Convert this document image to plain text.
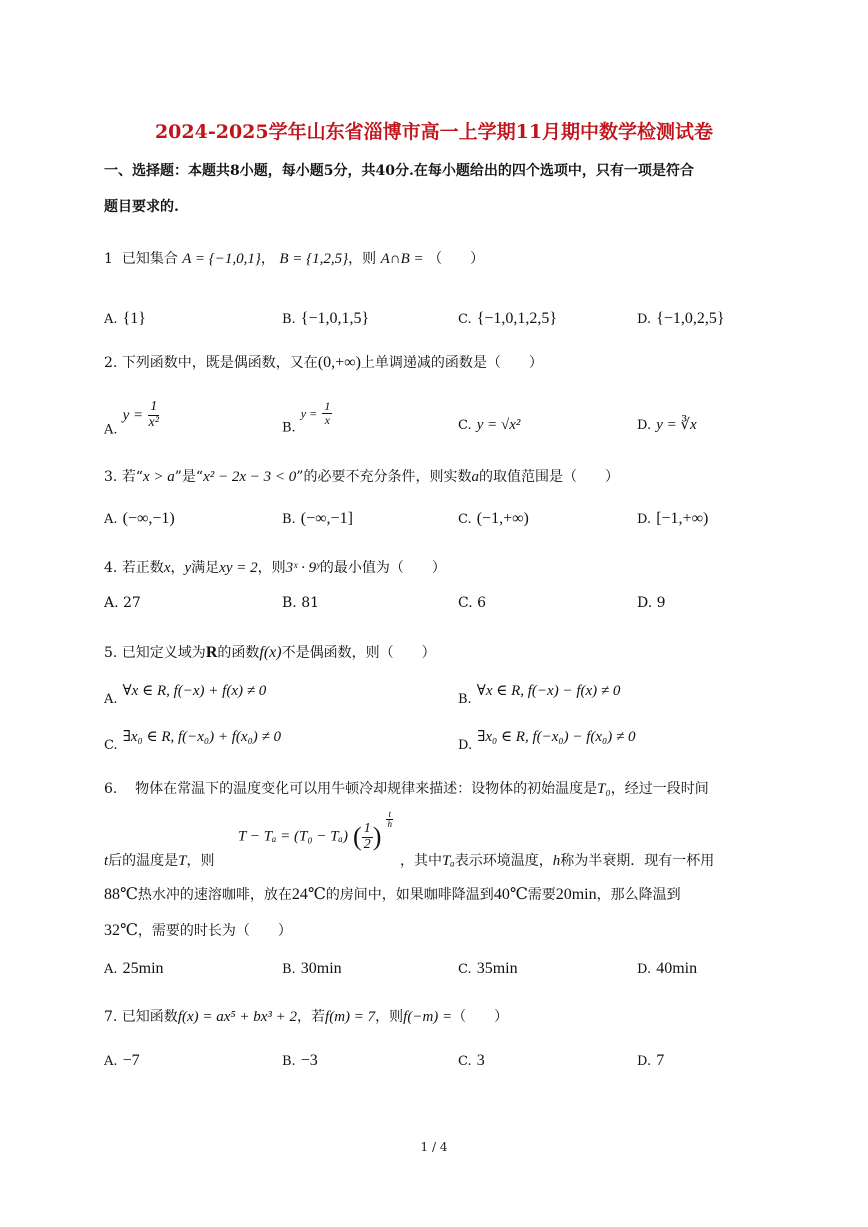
2024-2025学年山东省淄博市高一上学期11月期中数学检测试卷
一、选择题：本题共8小题，每小题5分，共40分.在每小题给出的四个选项中，只有一项是符合
题目要求的.
1 已知集合 A = {−1,0,1}， B = {1,2,5}，则 A∩B = （　　）
A. {1}	B. {−1,0,1,5}	C. {−1,0,1,2,5}	D. {−1,0,2,5}
2. 下列函数中，既是偶函数，又在(0,+∞)上单调递减的函数是（　　）
$_{A.}$ $y = \frac{1}{\text{x²}}$	$_{B.}$ $y = \frac{1}{x}$	C. y = √x²	D. y = ∛x
3. 若“x > a”是“x² − 2x − 3 < 0”的必要不充分条件，则实数a的取值范围是（　　）
A. (−∞,−1)	B. (−∞,−1]	C. (−1,+∞)	D. [−1,+∞)
4. 若正数x，y满足xy = 2，则3ˣ · 9ʸ的最小值为（　　）
A. 27	B. 81	C. 6	D. 9
5. 已知定义域为R的函数f(x)不是偶函数，则（　　）
$_{A.}$ ∀x ∈ R, f(−x) + f(x) ≠ 0
$_{B.}$ ∀x ∈ R, f(−x) − f(x) ≠ 0
$_{C.}$ ∃x₀ ∈ R, f(−x₀) + f(x₀) ≠ 0
$_{D.}$ ∃x₀ ∈ R, f(−x₀) − f(x₀) ≠ 0
6. 物体在常温下的温度变化可以用牛顿冷却规律来描述：设物体的初始温度是T₀，经过一段时间
T − Tₐ = (T₀ − Tₐ) ( $\frac{1}{2}$ )
$\frac{t}{h}$
t后的温度是T，则	，其中Tₐ表示环境温度，h称为半衰期．现有一杯用
88℃热水冲的速溶咖啡，放在24℃的房间中，如果咖啡降温到40℃需要20min，那么降温到
32℃，需要的时长为（　　）
A. 25min	B. 30min	C. 35min	D. 40min
7. 已知函数f(x) = ax⁵ + bx³ + 2，若f(m) = 7，则f(−m) =（　　）
A. −7	B. −3	C. 3	D. 7
1 / 4
